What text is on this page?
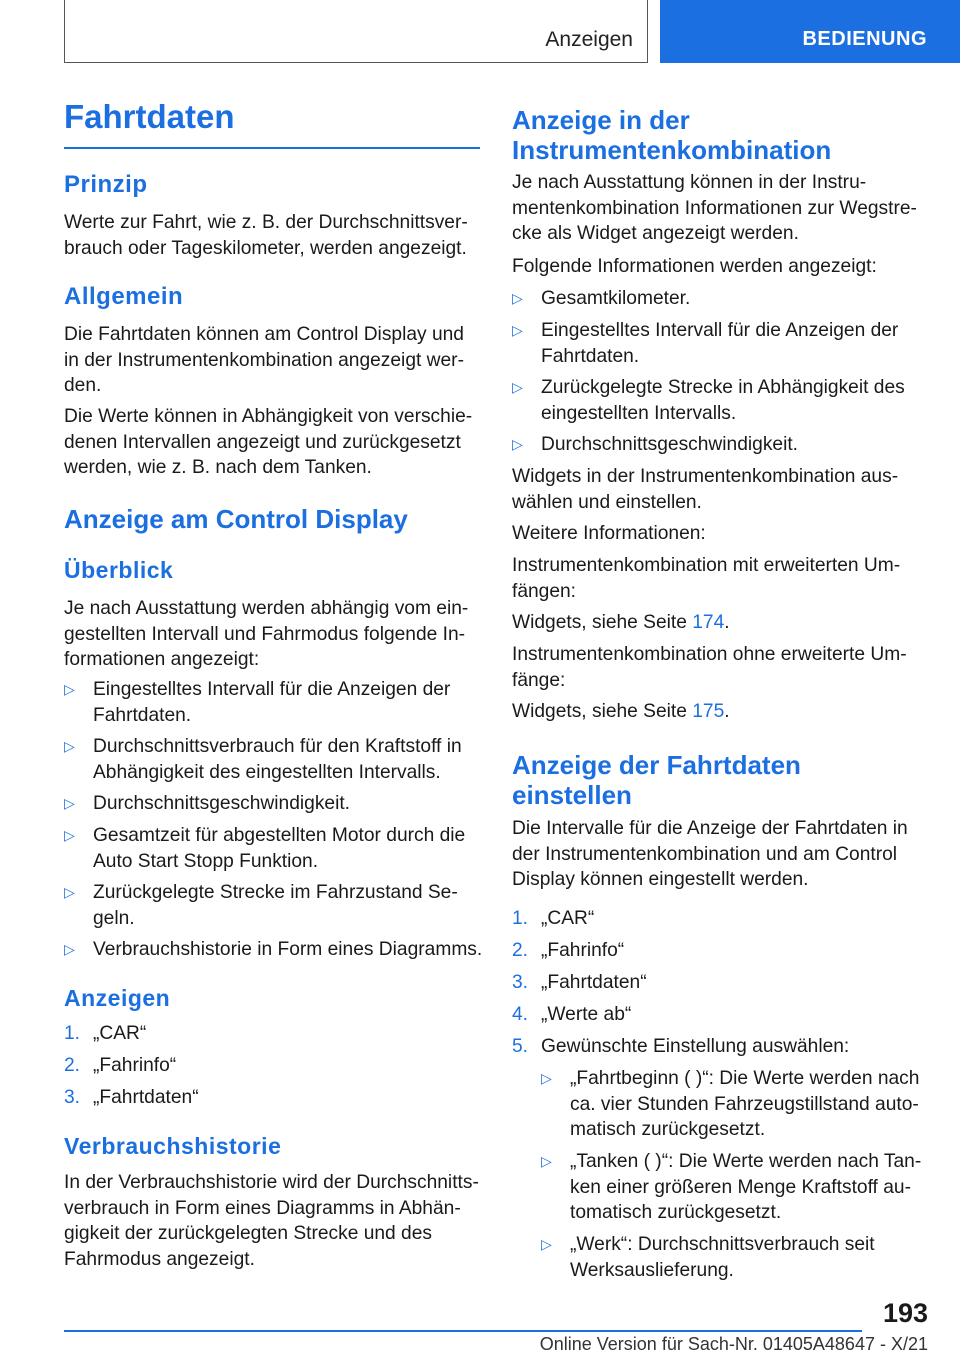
Anzeigen	BEDIENUNG
Fahrtdaten
Prinzip

Werte zur Fahrt, wie z. B. der Durchschnittsverbrauch oder Tageskilometer, werden angezeigt.

Allgemein

Die Fahrtdaten können am Control Display und in der Instrumentenkombination angezeigt werden.

Die Werte können in Abhängigkeit von verschiedenen Intervallen angezeigt und zurückgesetzt werden, wie z. B. nach dem Tanken.

Anzeige am Control Display
Überblick

Je nach Ausstattung werden abhängig vom eingestellten Intervall und Fahrmodus folgende Informationen angezeigt:

▷ Eingestelltes Intervall für die Anzeigen der Fahrtdaten.
▷ Durchschnittsverbrauch für den Kraftstoff in Abhängigkeit des eingestellten Intervalls.
▷ Durchschnittsgeschwindigkeit.
▷ Gesamtzeit für abgestellten Motor durch die Auto Start Stopp Funktion.
▷ Zurückgelegte Strecke im Fahrzustand Segeln.
▷ Verbrauchshistorie in Form eines Diagramms.
Anzeigen
1. „CAR“
2. „Fahrinfo“
3. „Fahrtdaten“
Verbrauchshistorie

In der Verbrauchshistorie wird der Durchschnittsverbrauch in Form eines Diagramms in Abhängigkeit der zurückgelegten Strecke und des Fahrmodus angezeigt.

Anzeige in der
Instrumentenkombination

Je nach Ausstattung können in der Instrumentenkombination Informationen zur Wegstrecke als Widget angezeigt werden.

Folgende Informationen werden angezeigt:

▷ Gesamtkilometer.
▷ Eingestelltes Intervall für die Anzeigen der Fahrtdaten.
▷ Zurückgelegte Strecke in Abhängigkeit des eingestellten Intervalls.
▷ Durchschnittsgeschwindigkeit.

Widgets in der Instrumentenkombination auswählen und einstellen.

Weitere Informationen:

Instrumentenkombination mit erweiterten Umfängen:

Widgets, siehe Seite 174.

Instrumentenkombination ohne erweiterte Umfänge:

Widgets, siehe Seite 175.

Anzeige der Fahrtdaten
einstellen

Die Intervalle für die Anzeige der Fahrtdaten in der Instrumentenkombination und am Control Display können eingestellt werden.

1. „CAR“
2. „Fahrinfo“
3. „Fahrtdaten“
4. „Werte ab“
5. Gewünschte Einstellung auswählen:
▷ „Fahrtbeginn ( )“: Die Werte werden nach ca. vier Stunden Fahrzeugstillstand automatisch zurückgesetzt.
▷ „Tanken ( )“: Die Werte werden nach Tanken einer größeren Menge Kraftstoff automatisch zurückgesetzt.
▷ „Werk“: Durchschnittsverbrauch seit Werksauslieferung.
193
Online Version für Sach-Nr. 01405A48647 - X/21
